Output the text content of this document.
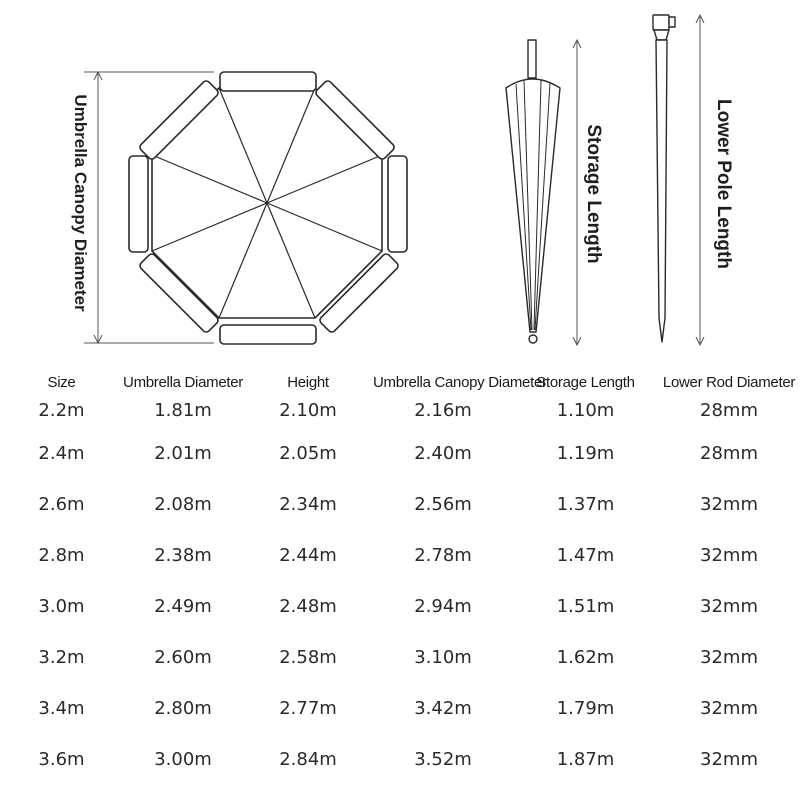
Umbrella Canopy Diameter	Storage Length	Lower Pole Length
Size	Umbrella Diameter	Height	Umbrella Canopy Diameter	Storage Length	Lower Rod Diameter
2.2m	1.81m	2.10m	2.16m	1.10m	28mm
2.4m	2.01m	2.05m	2.40m	1.19m	28mm
2.6m	2.08m	2.34m	2.56m	1.37m	32mm
2.8m	2.38m	2.44m	2.78m	1.47m	32mm
3.0m	2.49m	2.48m	2.94m	1.51m	32mm
3.2m	2.60m	2.58m	3.10m	1.62m	32mm
3.4m	2.80m	2.77m	3.42m	1.79m	32mm
3.6m	3.00m	2.84m	3.52m	1.87m	32mm
